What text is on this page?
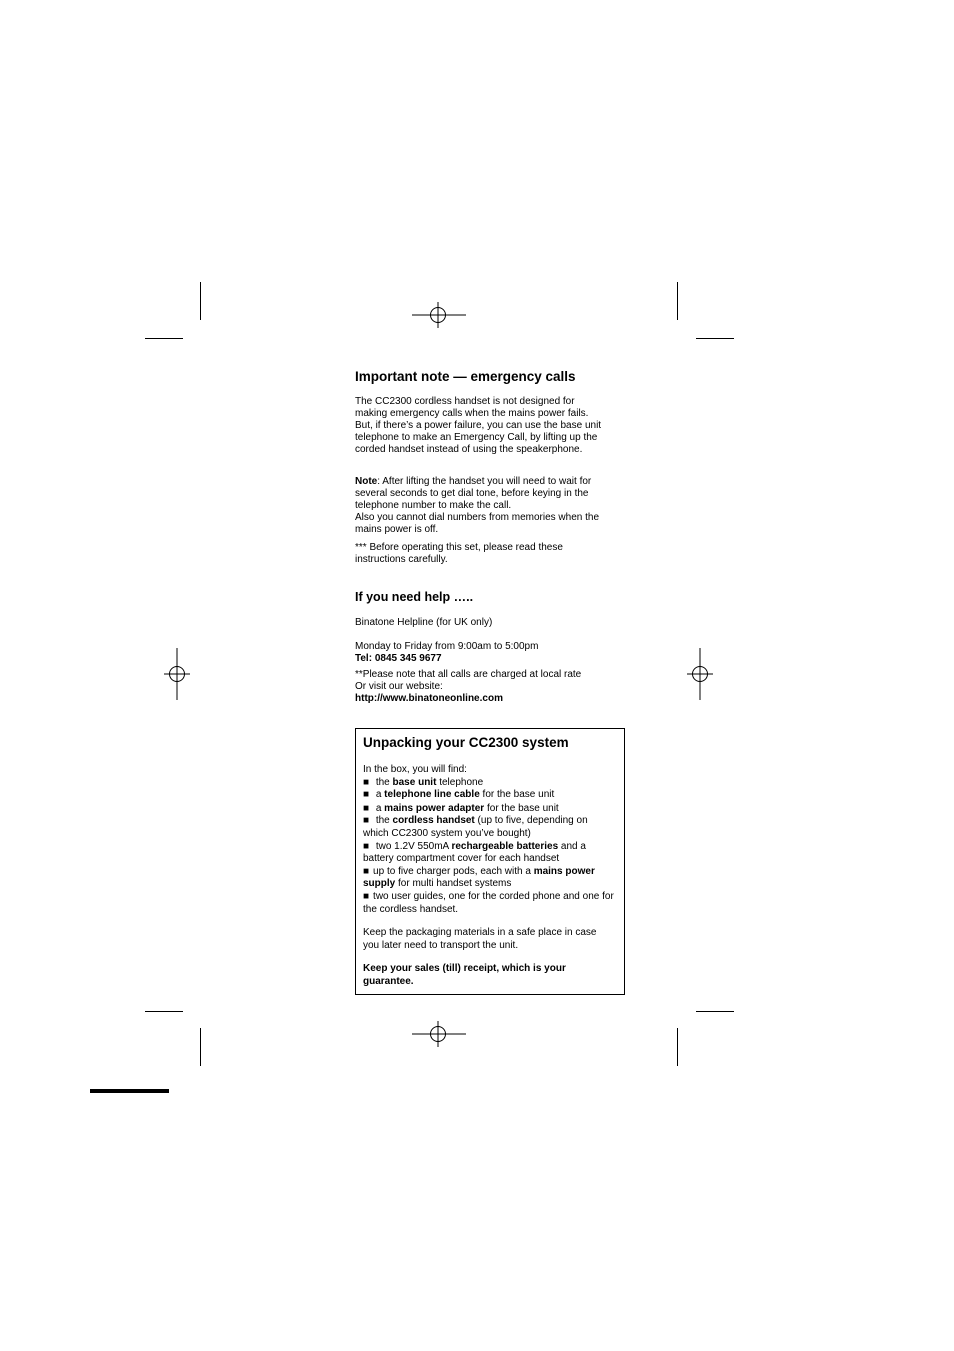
Important note — emergency calls

The CC2300 cordless handset is not designed for making emergency calls when the mains power fails. But, if there’s a power failure, you can use the base unit telephone to make an Emergency Call, by lifting up the corded handset instead of using the speakerphone.

Note: After lifting the handset you will need to wait for several seconds to get dial tone, before keying in the telephone number to make the call.

Also you cannot dial numbers from memories when the mains power is off.

*** Before operating this set, please read these instructions carefully.

If you need help …..

Binatone Helpline (for UK only)

Monday to Friday from 9:00am to 5:00pm

Tel: 0845 345 9677

**Please note that all calls are charged at local rate

Or visit our website:

http://www.binatoneonline.com

Unpacking your CC2300 system

In the box, you will find:

■ the base unit telephone

■ a telephone line cable for the base unit

■ a mains power adapter for the base unit

■ the cordless handset (up to five, depending on which CC2300 system you’ve bought)

■ two 1.2V 550mA rechargeable batteries and a battery compartment cover for each handset

■ up to five charger pods, each with a mains power supply for multi handset systems

■ two user guides, one for the corded phone and one for the cordless handset.

Keep the packaging materials in a safe place in case you later need to transport the unit.

Keep your sales (till) receipt, which is your guarantee.
